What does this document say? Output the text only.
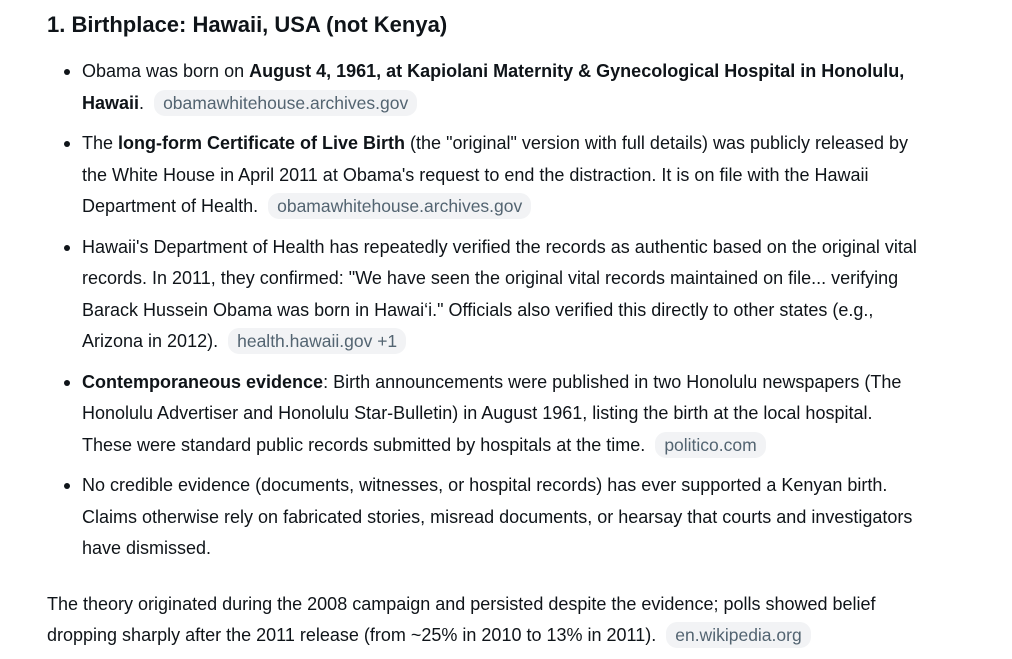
1. Birthplace: Hawaii, USA (not Kenya)
Obama was born on August 4, 1961, at Kapiolani Maternity & Gynecological Hospital in Honolulu, Hawaii. obamawhitehouse.archives.gov
The long-form Certificate of Live Birth (the "original" version with full details) was publicly released by the White House in April 2011 at Obama's request to end the distraction. It is on file with the Hawaii Department of Health. obamawhitehouse.archives.gov
Hawaii's Department of Health has repeatedly verified the records as authentic based on the original vital records. In 2011, they confirmed: "We have seen the original vital records maintained on file... verifying Barack Hussein Obama was born in Hawai‘i." Officials also verified this directly to other states (e.g., Arizona in 2012). health.hawaii.gov +1
Contemporaneous evidence: Birth announcements were published in two Honolulu newspapers (The Honolulu Advertiser and Honolulu Star-Bulletin) in August 1961, listing the birth at the local hospital. These were standard public records submitted by hospitals at the time. politico.com
No credible evidence (documents, witnesses, or hospital records) has ever supported a Kenyan birth. Claims otherwise rely on fabricated stories, misread documents, or hearsay that courts and investigators have dismissed.

The theory originated during the 2008 campaign and persisted despite the evidence; polls showed belief dropping sharply after the 2011 release (from ~25% in 2010 to 13% in 2011). en.wikipedia.org
